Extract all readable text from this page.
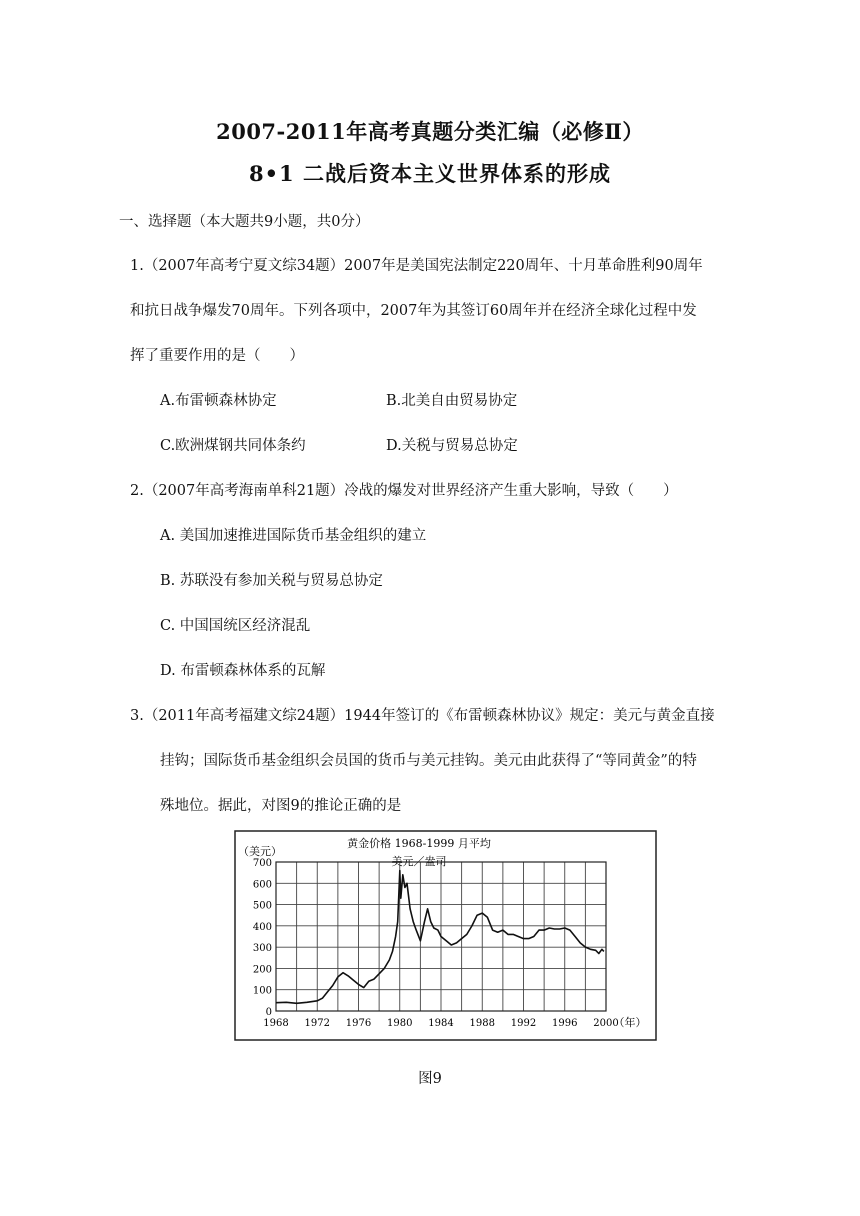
2007-2011年高考真题分类汇编（必修Ⅱ）
8•1 二战后资本主义世界体系的形成
一、选择题（本大题共9小题，共0分）
1.（2007年高考宁夏文综34题）2007年是美国宪法制定220周年、十月革命胜利90周年
和抗日战争爆发70周年。下列各项中，2007年为其签订60周年并在经济全球化过程中发
挥了重要作用的是（　　）
A.布雷顿森林协定	B.北美自由贸易协定
C.欧洲煤钢共同体条约	D.关税与贸易总协定
2.（2007年高考海南单科21题）冷战的爆发对世界经济产生重大影响，导致（　　）
A. 美国加速推进国际货币基金组织的建立
B. 苏联没有参加关税与贸易总协定
C. 中国国统区经济混乱
D. 布雷顿森林体系的瓦解
3.（2011年高考福建文综24题）1944年签订的《布雷顿森林协议》规定：美元与黄金直接
挂钩；国际货币基金组织会员国的货币与美元挂钩。美元由此获得了“等同黄金”的特
殊地位。据此，对图9的推论正确的是
黄金价格 1968-1999 月平均
美元／盎司
（美元）
（年）
0
100
200
300
400
500
600
700
1968 1972 1976 1980 1984 1988 1992 1996 2000
图9
